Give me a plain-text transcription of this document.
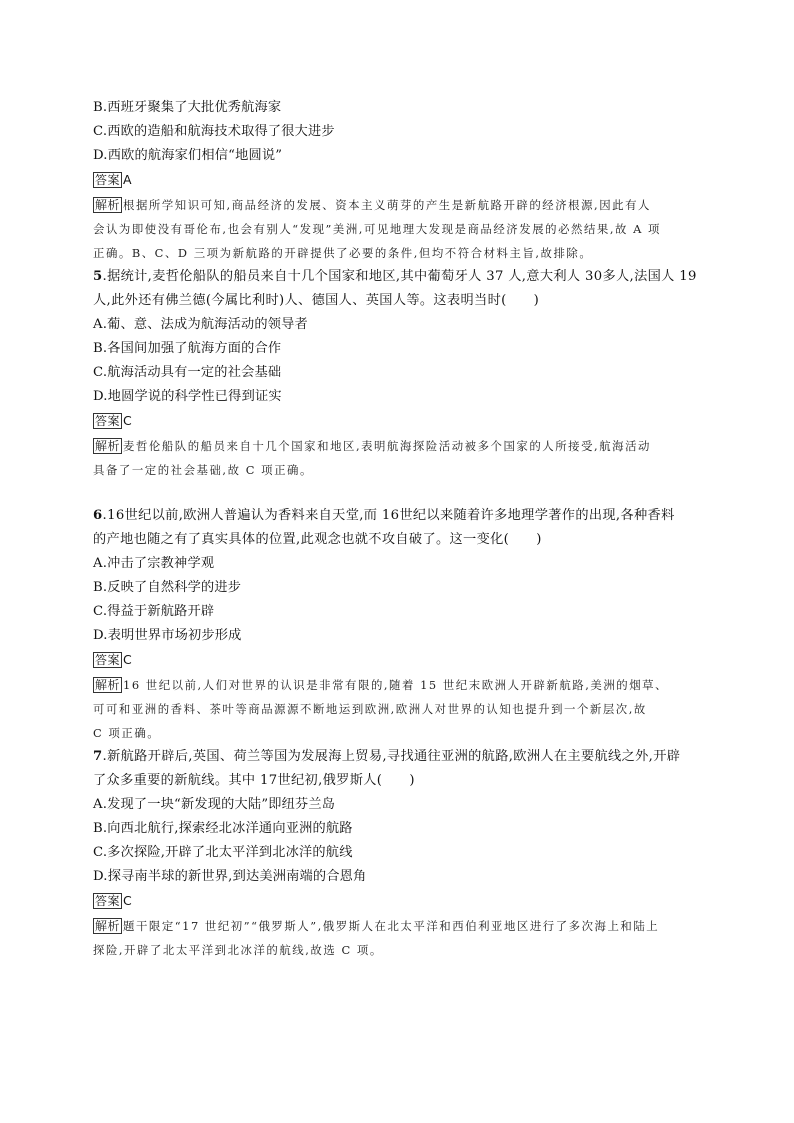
B.西班牙聚集了大批优秀航海家
C.西欧的造船和航海技术取得了很大进步
D.西欧的航海家们相信“地圆说”
答案 A
解析 根据所学知识可知,商品经济的发展、资本主义萌芽的产生是新航路开辟的经济根源,因此有人
会认为即使没有哥伦布,也会有别人“发现”美洲,可见地理大发现是商品经济发展的必然结果,故 A 项
正确。B、C、D 三项为新航路的开辟提供了必要的条件,但均不符合材料主旨,故排除。
5.据统计,麦哲伦船队的船员来自十几个国家和地区,其中葡萄牙人 37 人,意大利人 30多人,法国人 19
人,此外还有佛兰德(今属比利时)人、德国人、英国人等。这表明当时(　　)
A.葡、意、法成为航海活动的领导者
B.各国间加强了航海方面的合作
C.航海活动具有一定的社会基础
D.地圆学说的科学性已得到证实
答案 C
解析 麦哲伦船队的船员来自十几个国家和地区,表明航海探险活动被多个国家的人所接受,航海活动
具备了一定的社会基础,故 C 项正确。
6.16世纪以前,欧洲人普遍认为香料来自天堂,而 16世纪以来随着许多地理学著作的出现,各种香料
的产地也随之有了真实具体的位置,此观念也就不攻自破了。这一变化(　　)
A.冲击了宗教神学观
B.反映了自然科学的进步
C.得益于新航路开辟
D.表明世界市场初步形成
答案 C
解析 16 世纪以前,人们对世界的认识是非常有限的,随着 15 世纪末欧洲人开辟新航路,美洲的烟草、
可可和亚洲的香料、茶叶等商品源源不断地运到欧洲,欧洲人对世界的认知也提升到一个新层次,故
C 项正确。
7.新航路开辟后,英国、荷兰等国为发展海上贸易,寻找通往亚洲的航路,欧洲人在主要航线之外,开辟
了众多重要的新航线。其中 17世纪初,俄罗斯人(　　)
A.发现了一块“新发现的大陆”即纽芬兰岛
B.向西北航行,探索经北冰洋通向亚洲的航路
C.多次探险,开辟了北太平洋到北冰洋的航线
D.探寻南半球的新世界,到达美洲南端的合恩角
答案 C
解析 题干限定“17 世纪初”“俄罗斯人”,俄罗斯人在北太平洋和西伯利亚地区进行了多次海上和陆上
探险,开辟了北太平洋到北冰洋的航线,故选 C 项。
